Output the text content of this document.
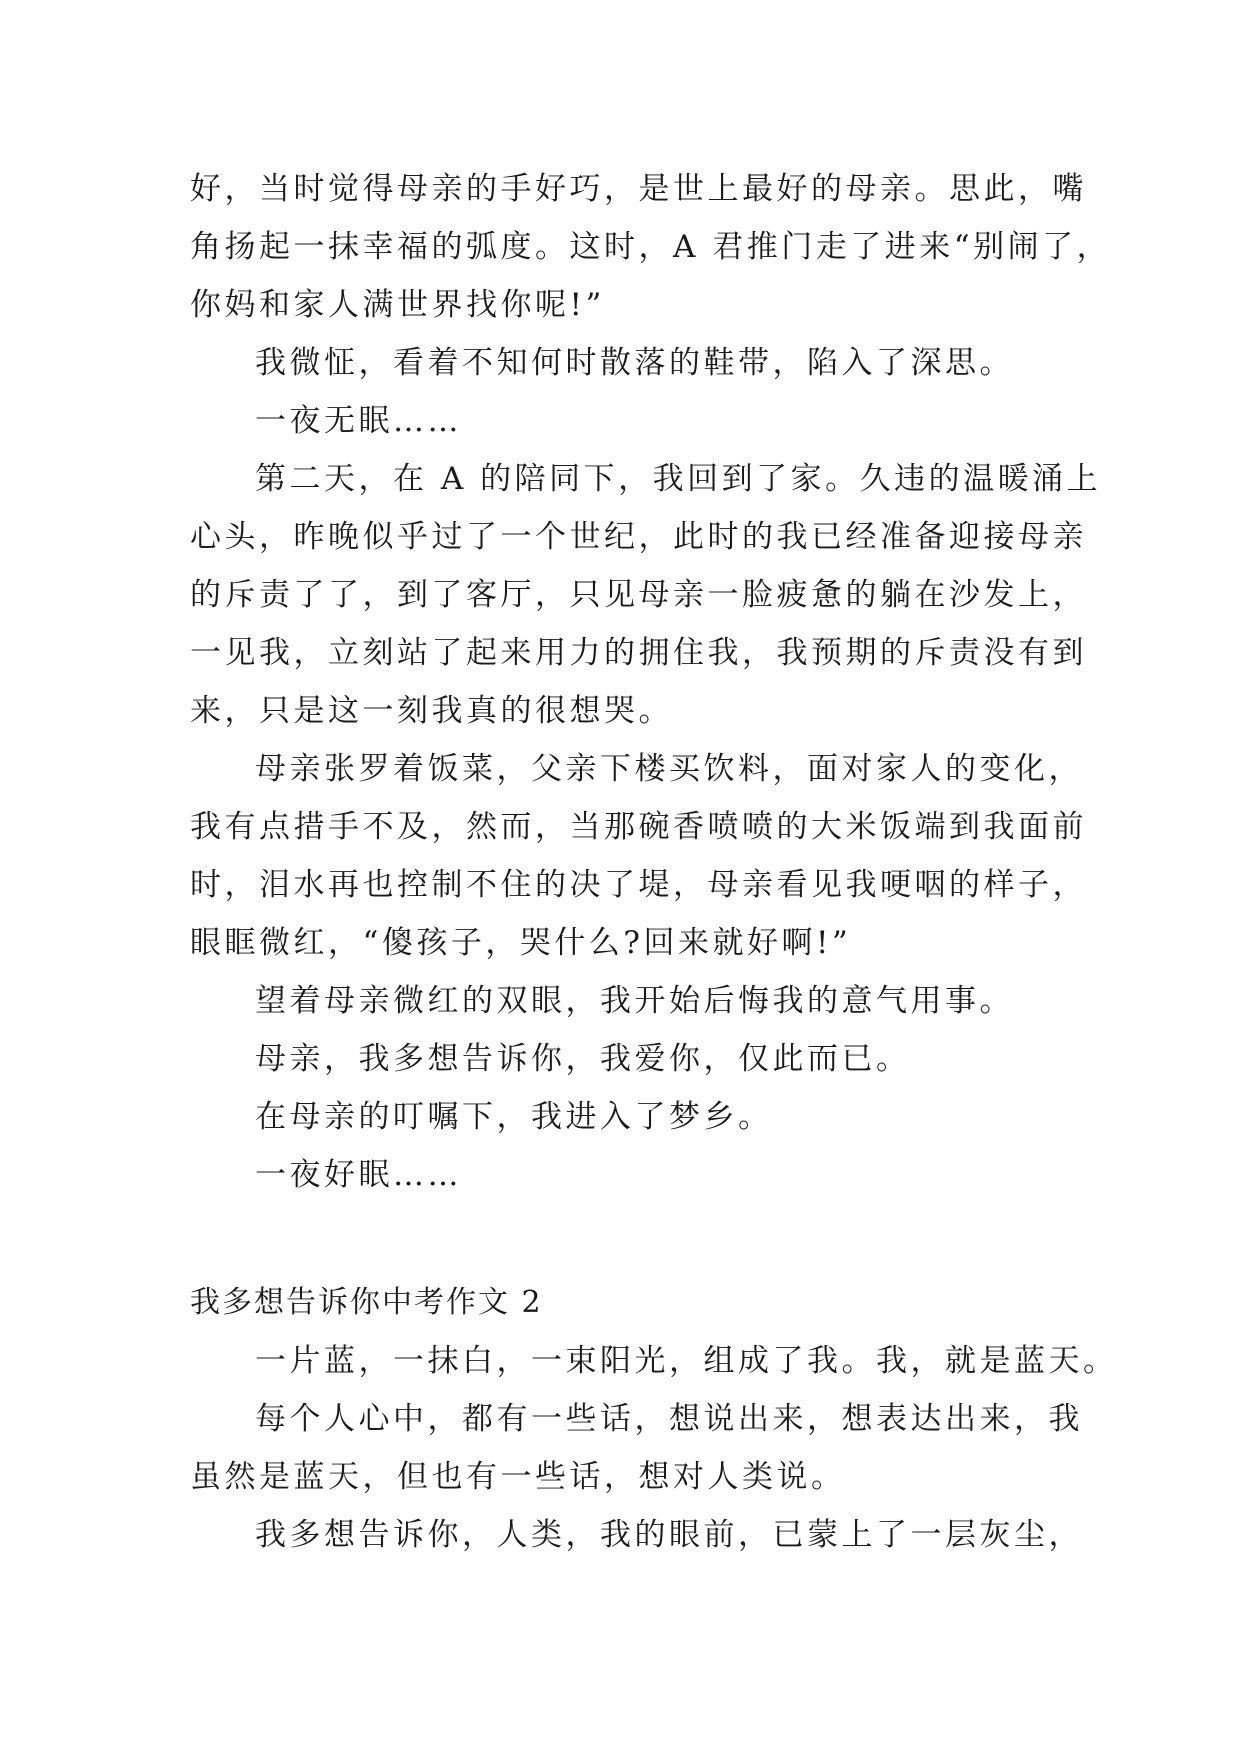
好，当时觉得母亲的手好巧，是世上最好的母亲。思此，嘴
角扬起一抹幸福的弧度。这时，A 君推门走了进来“别闹了，
你妈和家人满世界找你呢!”
我微怔，看着不知何时散落的鞋带，陷入了深思。
一夜无眠……
第二天，在 A 的陪同下，我回到了家。久违的温暖涌上
心头，昨晚似乎过了一个世纪，此时的我已经准备迎接母亲
的斥责了了，到了客厅，只见母亲一脸疲惫的躺在沙发上，
一见我，立刻站了起来用力的拥住我，我预期的斥责没有到
来，只是这一刻我真的很想哭。
母亲张罗着饭菜，父亲下楼买饮料，面对家人的变化，
我有点措手不及，然而，当那碗香喷喷的大米饭端到我面前
时，泪水再也控制不住的决了堤，母亲看见我哽咽的样子，
眼眶微红，“傻孩子，哭什么?回来就好啊!”
望着母亲微红的双眼，我开始后悔我的意气用事。
母亲，我多想告诉你，我爱你，仅此而已。
在母亲的叮嘱下，我进入了梦乡。
一夜好眠……
我多想告诉你中考作文 2
一片蓝，一抹白，一束阳光，组成了我。我，就是蓝天。
每个人心中，都有一些话，想说出来，想表达出来，我
虽然是蓝天，但也有一些话，想对人类说。
我多想告诉你，人类，我的眼前，已蒙上了一层灰尘，
